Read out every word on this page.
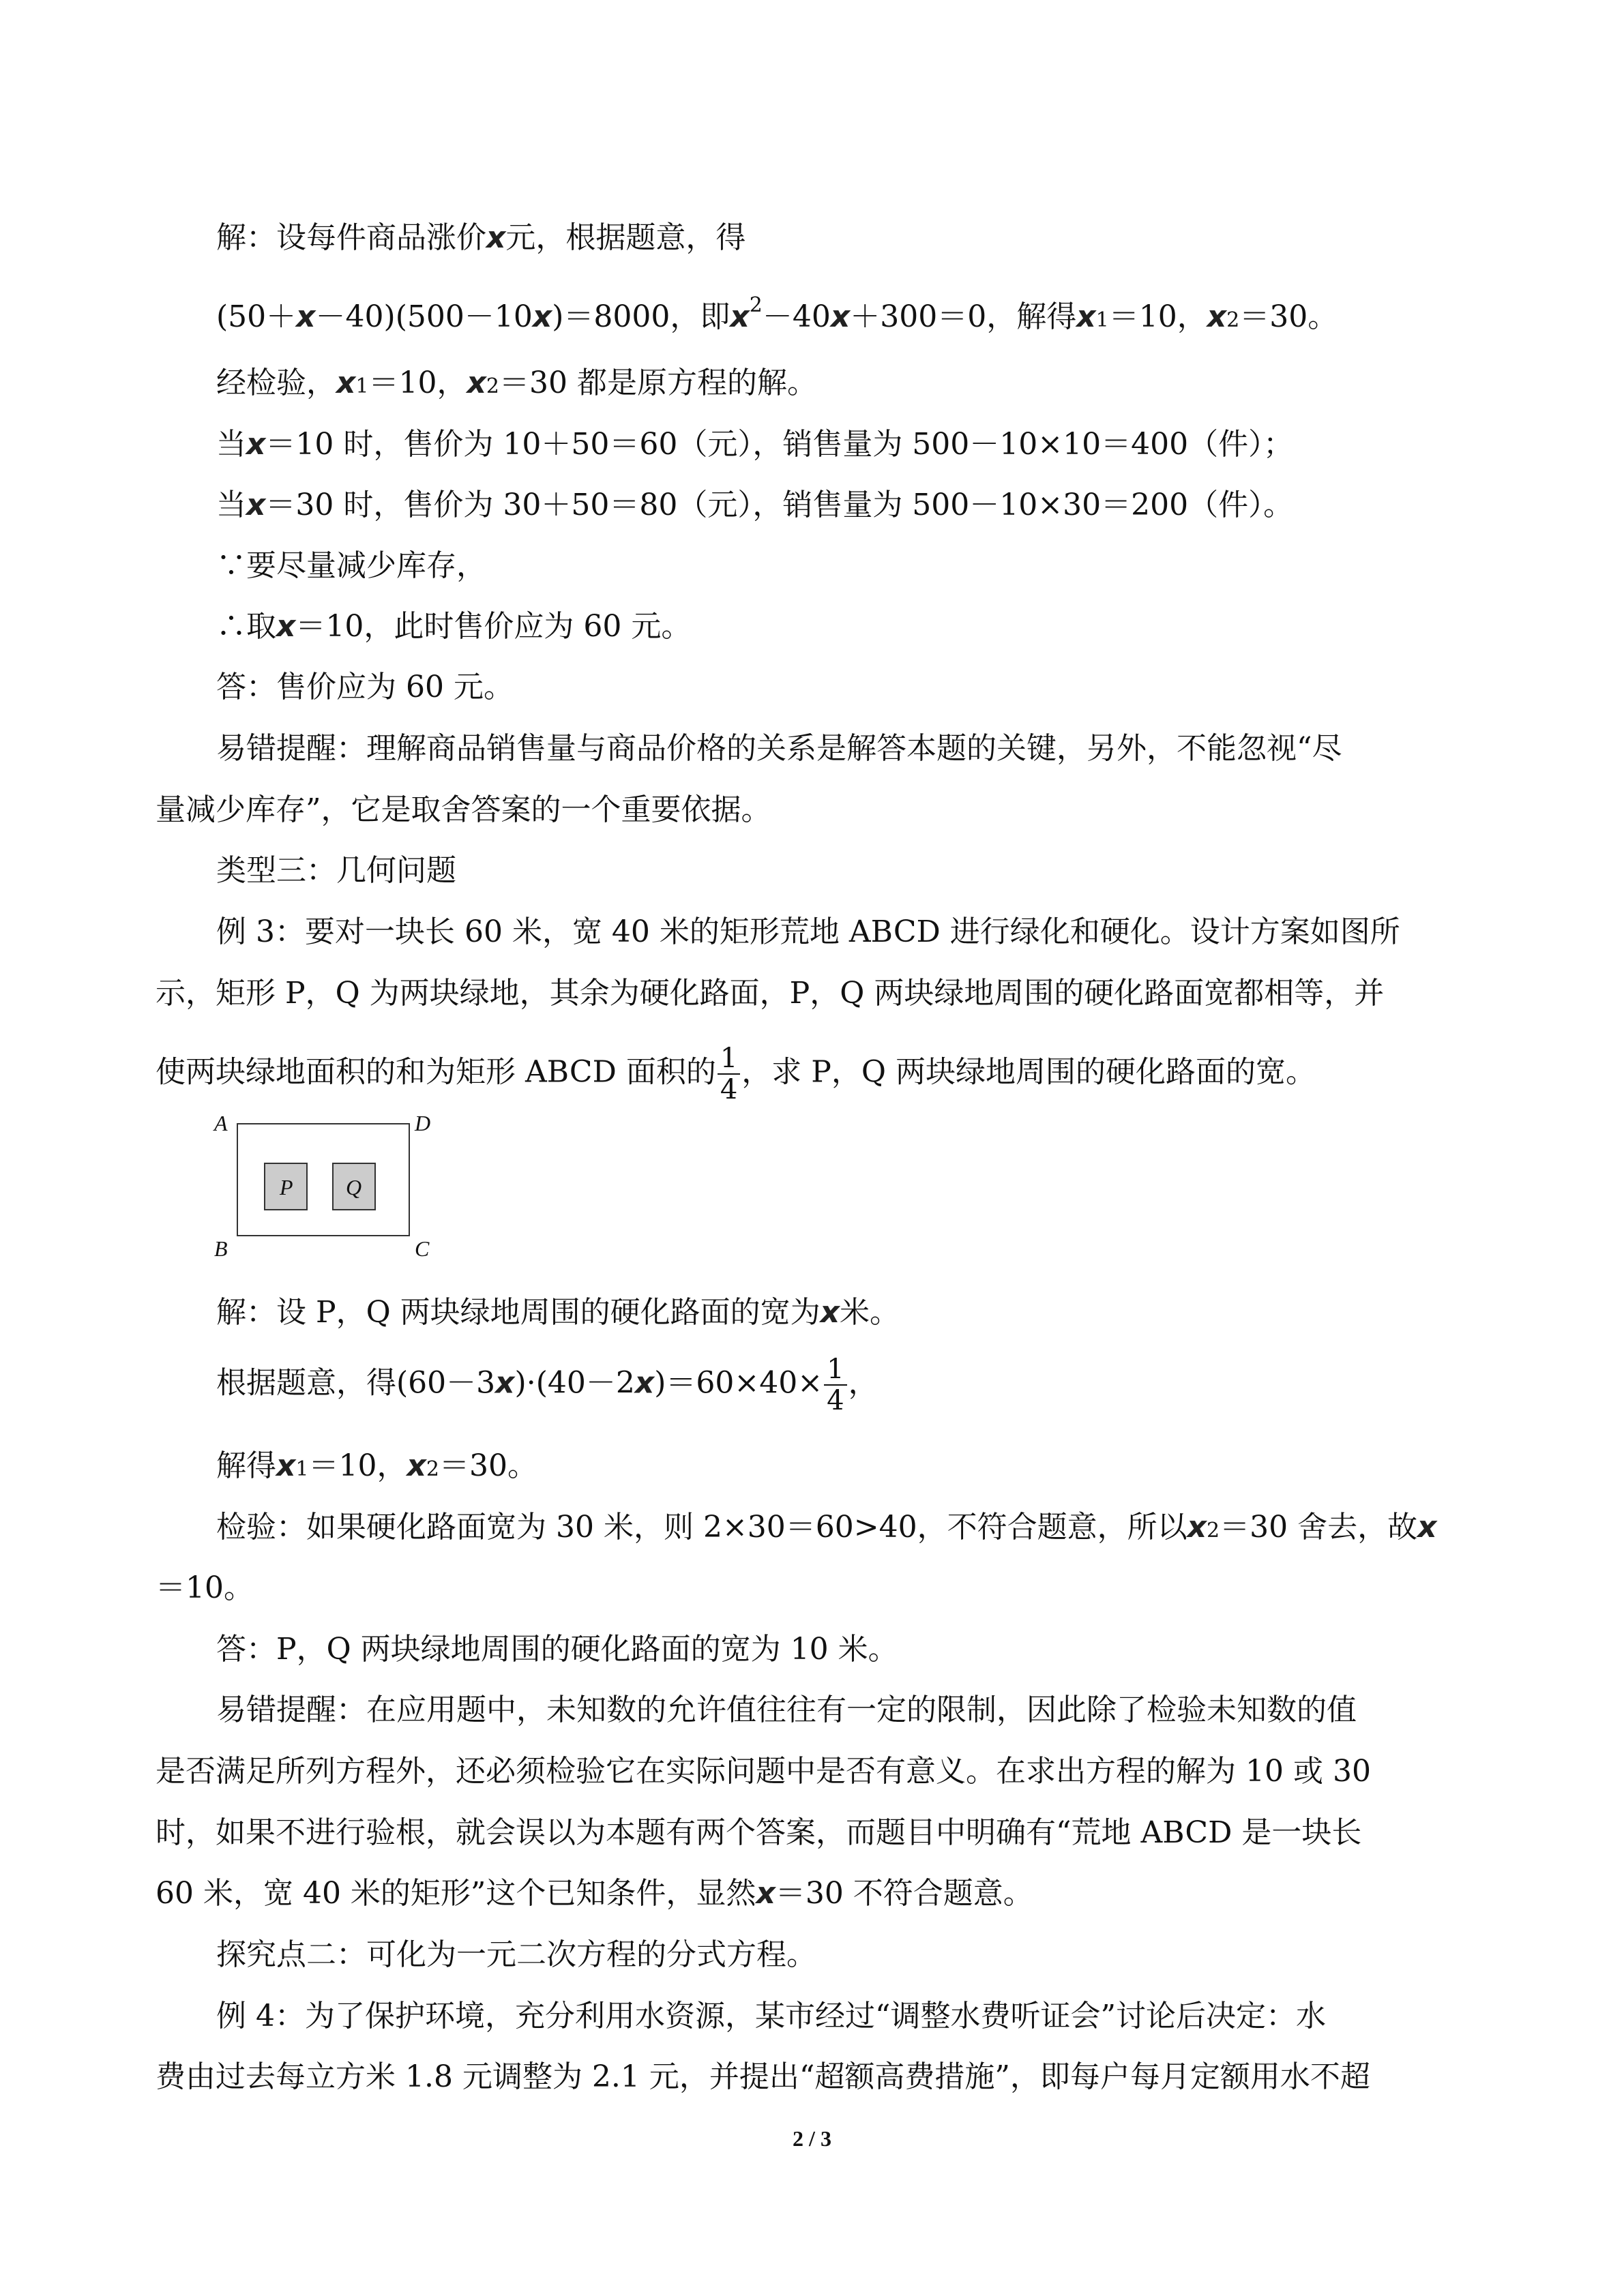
解：设每件商品涨价x元，根据题意，得
(50＋x－40)(500－10x)＝8000，即$x^2-40x+300=0$，解得x1＝10，x2＝30。
经检验，x1＝10，x2＝30 都是原方程的解。
当x＝10 时，售价为 10＋50＝60（元），销售量为 500－10×10＝400（件）；
当x＝30 时，售价为 30＋50＝80（元），销售量为 500－10×30＝200（件）。
∵要尽量减少库存，
∴取x＝10，此时售价应为 60 元。
答：售价应为 60 元。
易错提醒：理解商品销售量与商品价格的关系是解答本题的关键，另外，不能忽视“尽
量减少库存”，它是取舍答案的一个重要依据。
类型三：几何问题
例 3：要对一块长 60 米，宽 40 米的矩形荒地 ABCD 进行绿化和硬化。设计方案如图所
示，矩形 P，Q 为两块绿地，其余为硬化路面，P，Q 两块绿地周围的硬化路面宽都相等，并
使两块绿地面积的和为矩形 ABCD 面积的 $\frac{1}{4}$ ，求 P，Q 两块绿地周围的硬化路面的宽。
A	D
B	C
P Q
解：设 P，Q 两块绿地周围的硬化路面的宽为x米。
根据题意，得$(60-3x)\cdot(40-2x)=60\times 40\times \frac{1}{4}$ ，
解得x1＝10，x2＝30。
检验：如果硬化路面宽为 30 米，则 2×30＝60>40，不符合题意，所以x2＝30 舍去，故x
＝10。
答：P，Q 两块绿地周围的硬化路面的宽为 10 米。
易错提醒：在应用题中，未知数的允许值往往有一定的限制，因此除了检验未知数的值
是否满足所列方程外，还必须检验它在实际问题中是否有意义。在求出方程的解为 10 或 30
时，如果不进行验根，就会误以为本题有两个答案，而题目中明确有“荒地 ABCD 是一块长
60 米，宽 40 米的矩形”这个已知条件，显然x＝30 不符合题意。
探究点二：可化为一元二次方程的分式方程。
例 4：为了保护环境，充分利用水资源，某市经过“调整水费听证会”讨论后决定：水
费由过去每立方米 1.8 元调整为 2.1 元，并提出“超额高费措施”，即每户每月定额用水不超
2 / 3
